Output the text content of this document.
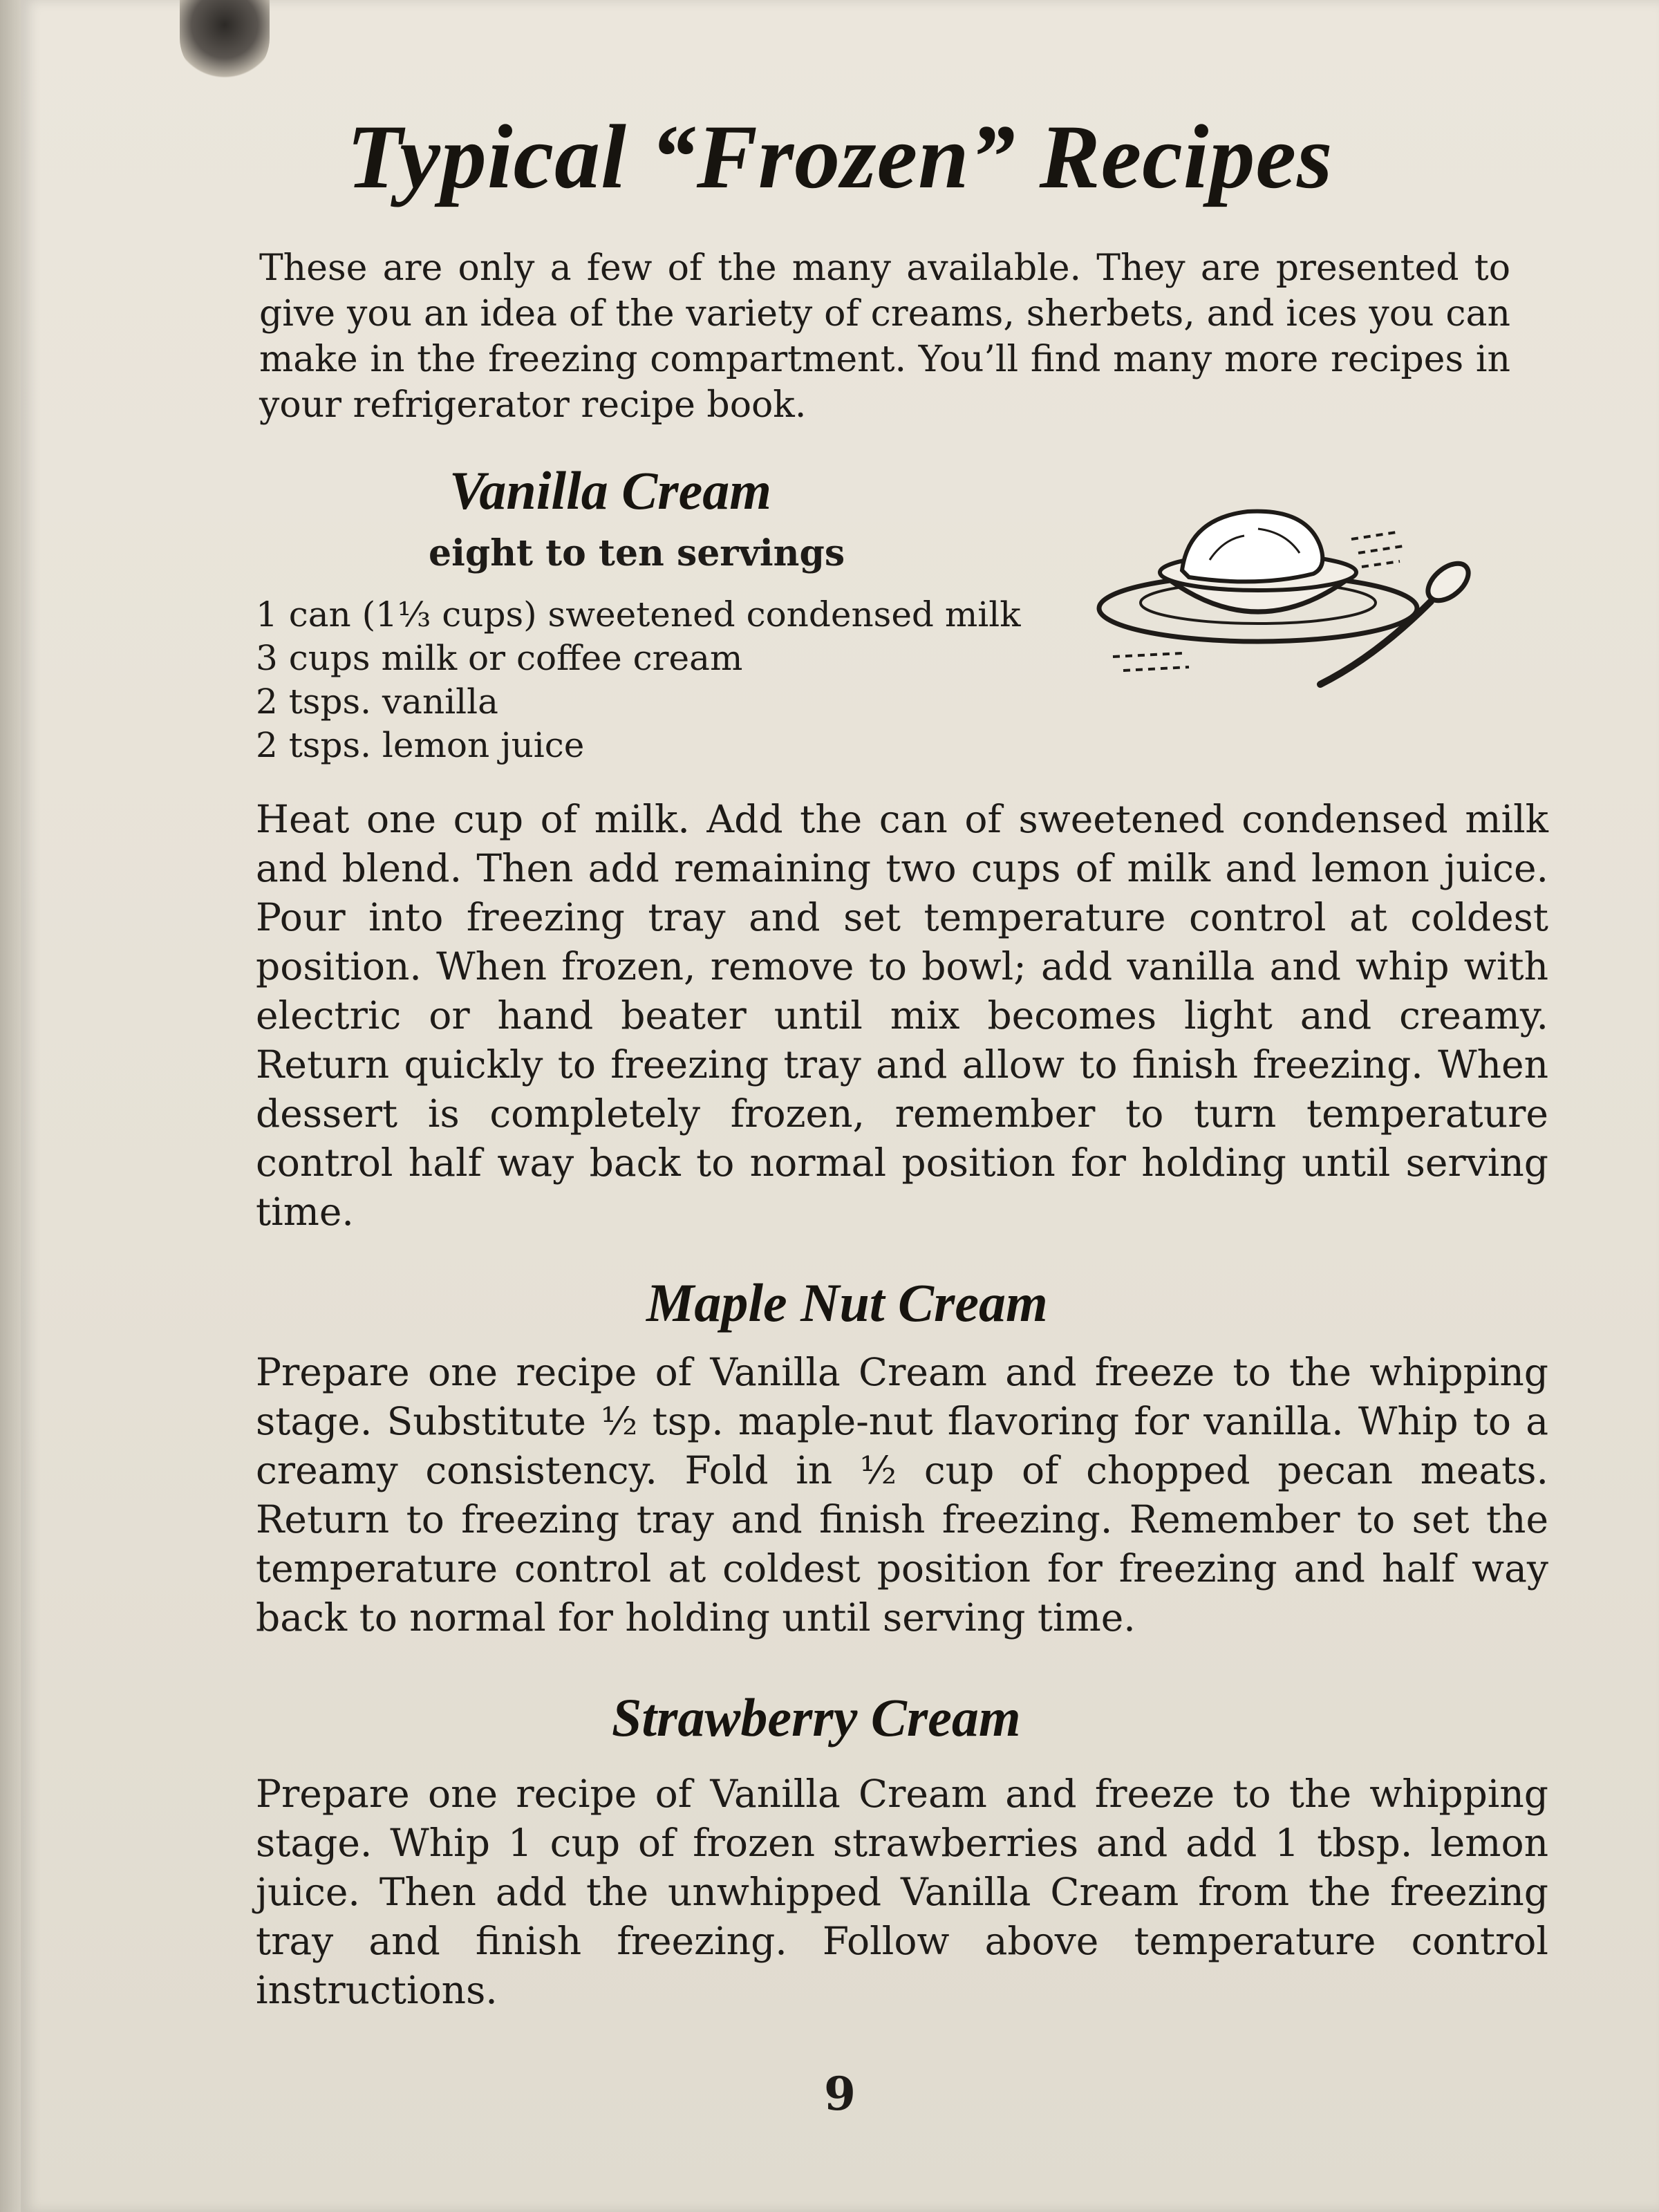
Typical “Frozen” Recipes

These are only a few of the many available. They are presented to give you an idea of the variety of creams, sherbets, and ices you can make in the freezing compartment. You’ll find many more recipes in your refrigerator recipe book.

Vanilla Cream
eight to ten servings
1 can (1⅓ cups) sweetened condensed milk
3 cups milk or coffee cream
2 tsps. vanilla
2 tsps. lemon juice

Heat one cup of milk. Add the can of sweetened condensed milk and blend. Then add remaining two cups of milk and lemon juice. Pour into freezing tray and set temperature control at coldest position. When frozen, remove to bowl; add vanilla and whip with electric or hand beater until mix becomes light and creamy. Return quickly to freezing tray and allow to finish freezing. When dessert is completely frozen, remember to turn temperature control half way back to normal position for holding until serving time.

Maple Nut Cream

Prepare one recipe of Vanilla Cream and freeze to the whipping stage. Substitute ½ tsp. maple-nut flavoring for vanilla. Whip to a creamy consistency. Fold in ½ cup of chopped pecan meats. Return to freezing tray and finish freezing. Remember to set the temperature control at coldest position for freezing and half way back to normal for holding until serving time.

Strawberry Cream

Prepare one recipe of Vanilla Cream and freeze to the whipping stage. Whip 1 cup of frozen strawberries and add 1 tbsp. lemon juice. Then add the unwhipped Vanilla Cream from the freezing tray and finish freezing. Follow above temperature control instructions.

9
